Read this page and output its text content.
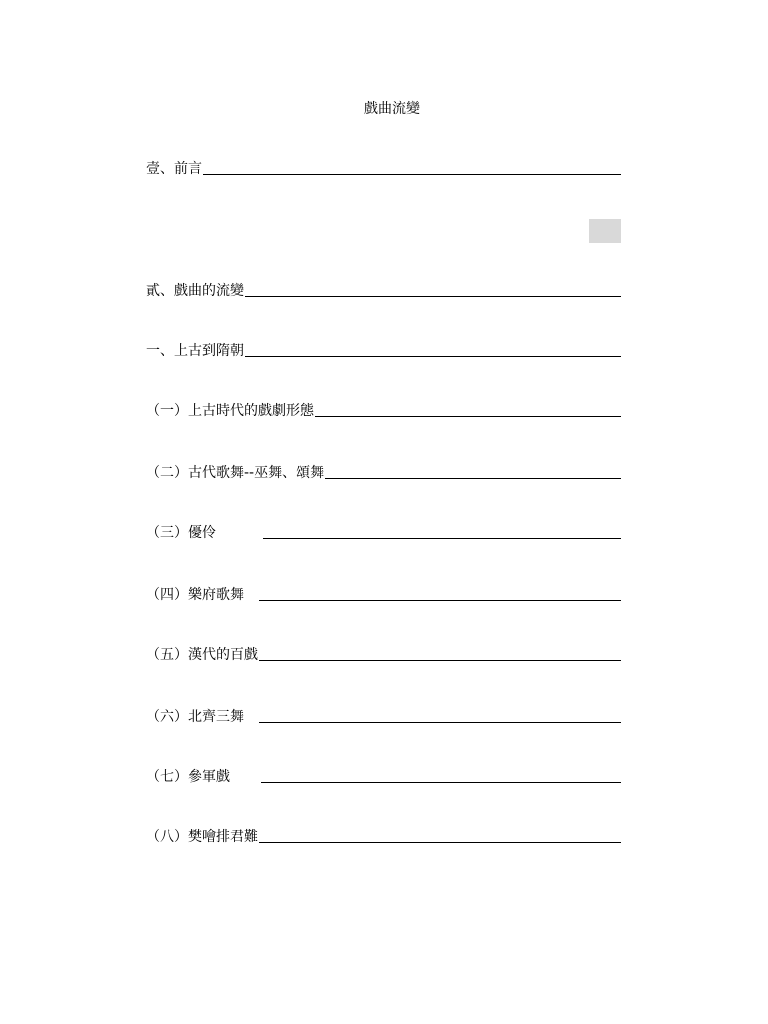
戲曲流變
壹、前言
貳、戲曲的流變
一、上古到隋朝
（一）上古時代的戲劇形態
（二）古代歌舞--巫舞、頌舞
（三）優伶
（四）樂府歌舞
（五）漢代的百戲
（六）北齊三舞
（七）參軍戲
（八）樊噲排君難
